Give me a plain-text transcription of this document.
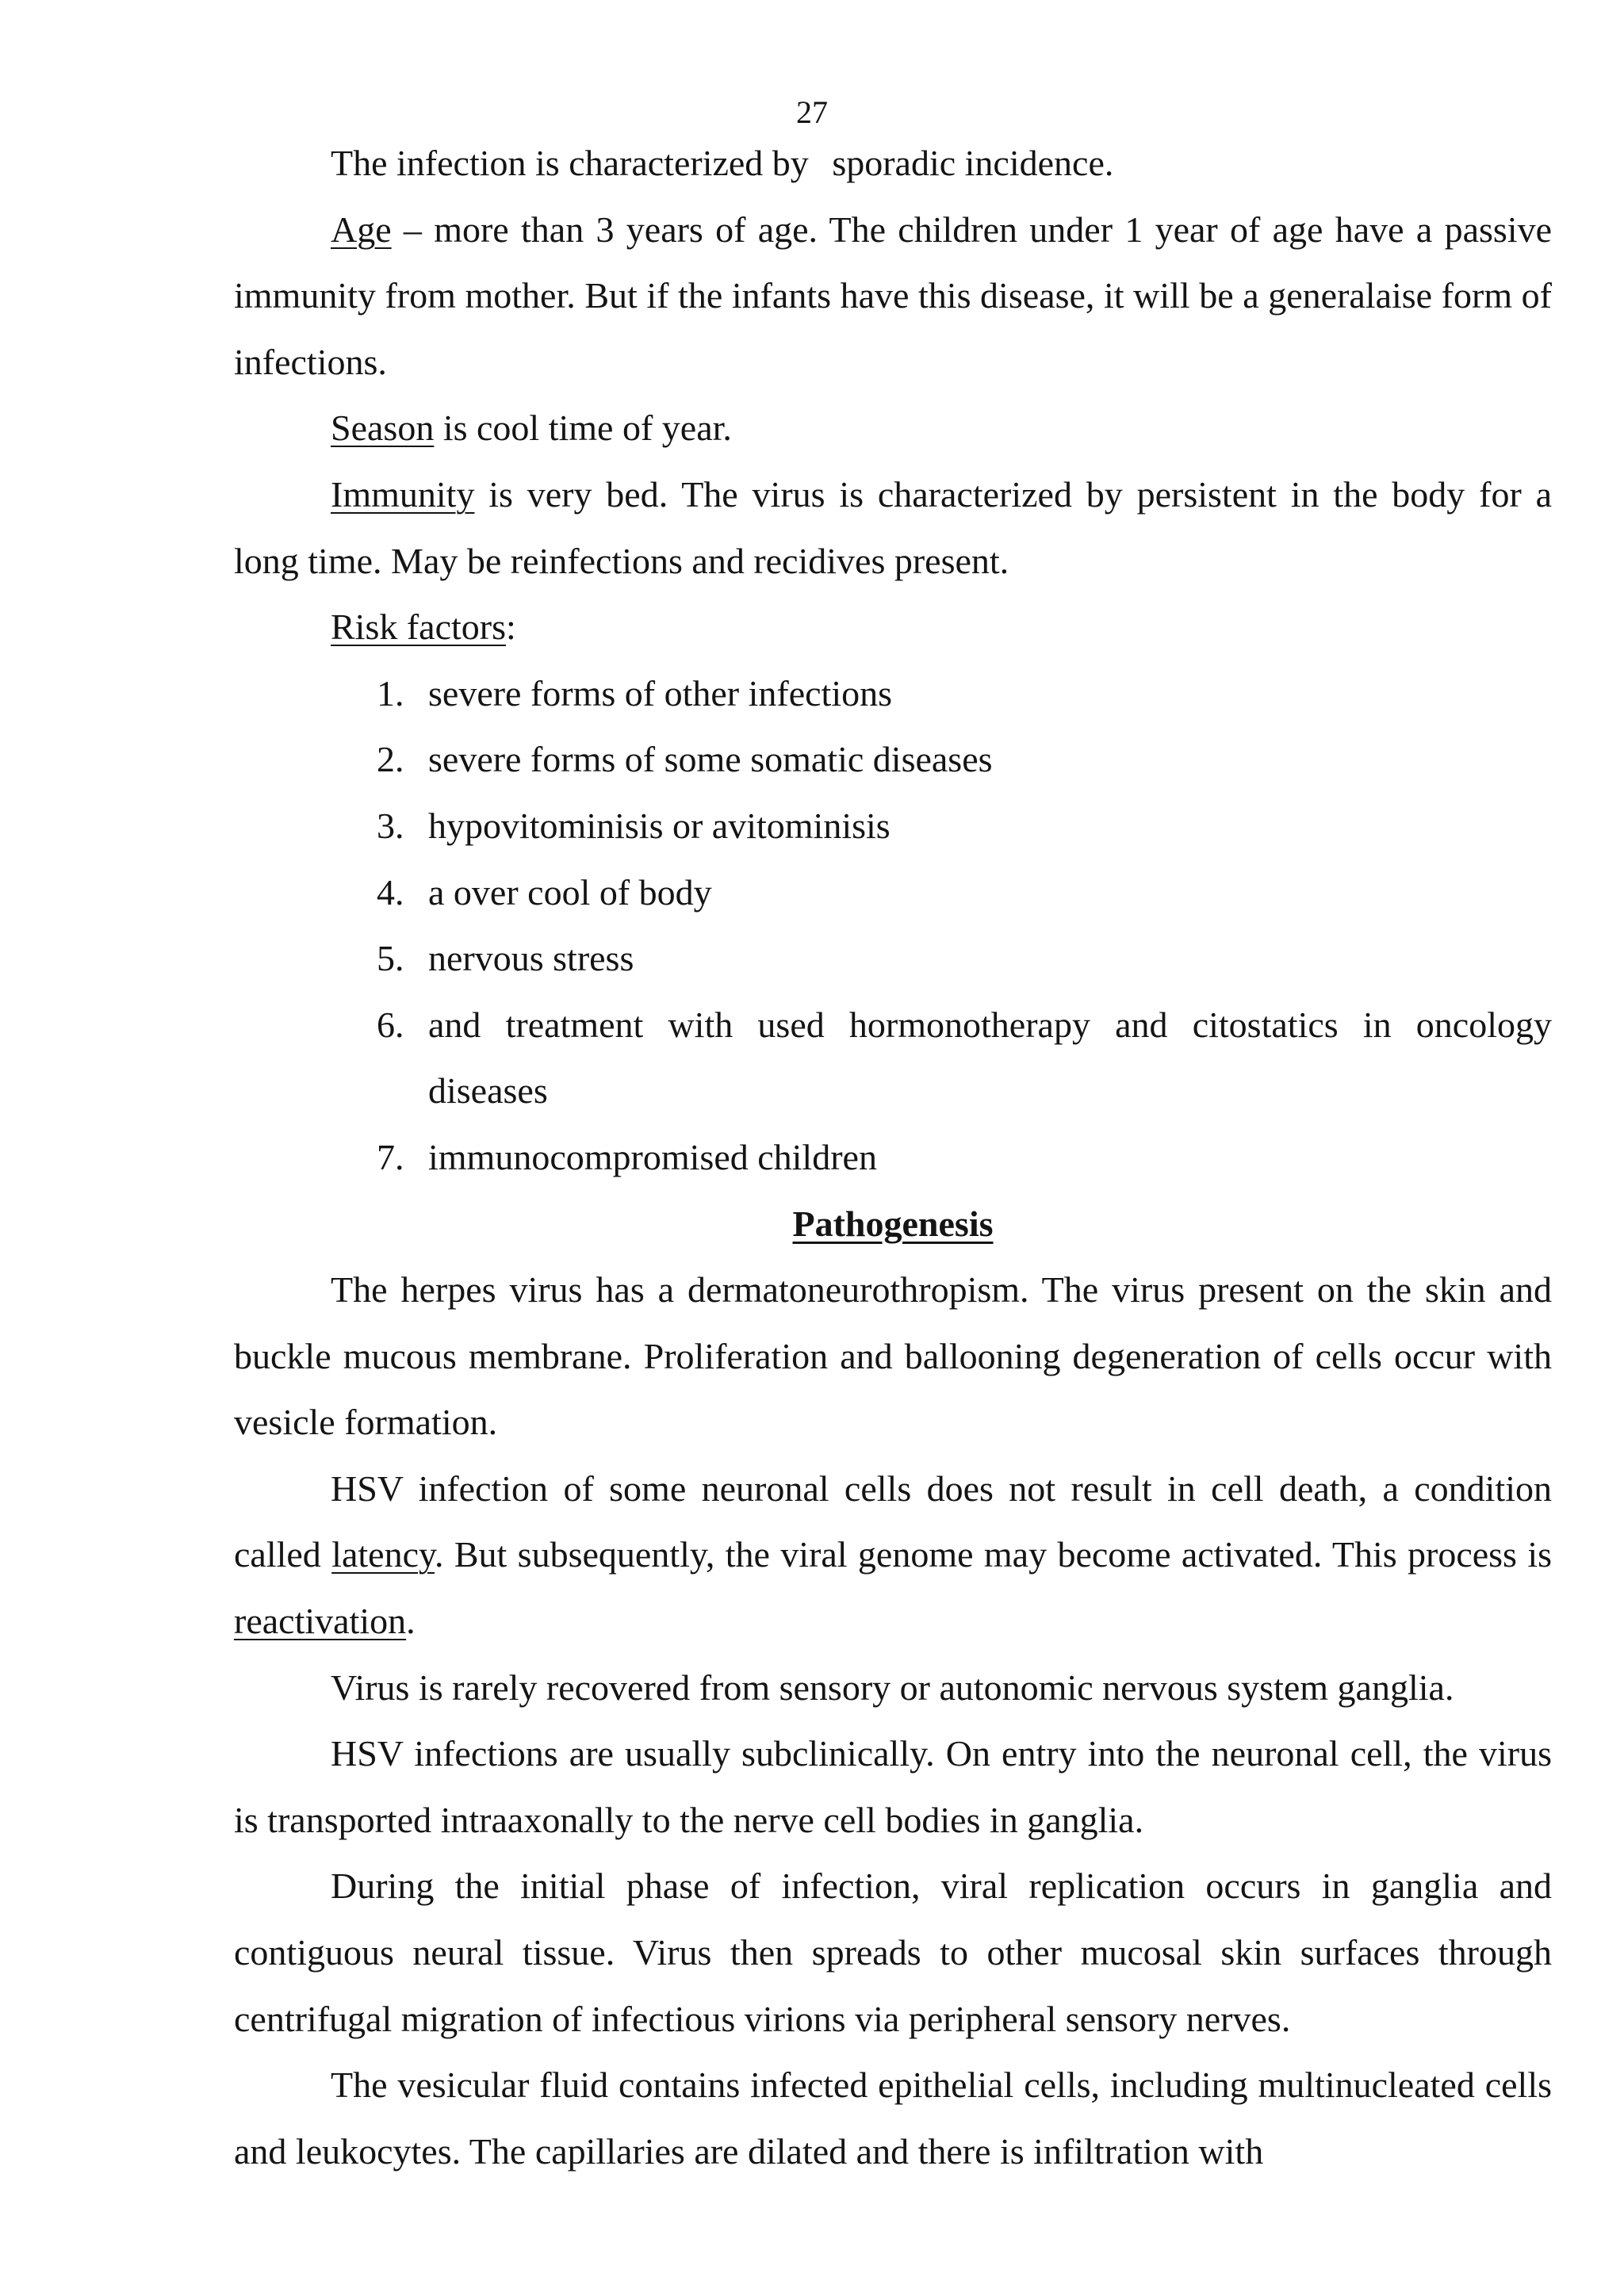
27

The infection is characterized by sporadic incidence.

Age – more than 3 years of age. The children under 1 year of age have a passive immunity from mother. But if the infants have this disease, it will be a generalaise form of infections.

Season is cool time of year.

Immunity is very bed. The virus is characterized by persistent in the body for a long time. May be reinfections and recidives present.

Risk factors:

1. severe forms of other infections
2. severe forms of some somatic diseases
3. hypovitominisis or avitominisis
4. a over cool of body
5. nervous stress
6. and treatment with used hormonotherapy and citostatics in oncology diseases
7. immunocompromised children

Pathogenesis

The herpes virus has a dermatoneurothropism. The virus present on the skin and buckle mucous membrane. Proliferation and ballooning degeneration of cells occur with vesicle formation.

HSV infection of some neuronal cells does not result in cell death, a condition called latency. But subsequently, the viral genome may become activated. This process is reactivation.

Virus is rarely recovered from sensory or autonomic nervous system ganglia.

HSV infections are usually subclinically. On entry into the neuronal cell, the virus is transported intraaxonally to the nerve cell bodies in ganglia.

During the initial phase of infection, viral replication occurs in ganglia and contiguous neural tissue. Virus then spreads to other mucosal skin surfaces through centrifugal migration of infectious virions via peripheral sensory nerves.

The vesicular fluid contains infected epithelial cells, including multinucleated cells and leukocytes. The capillaries are dilated and there is infiltration with
